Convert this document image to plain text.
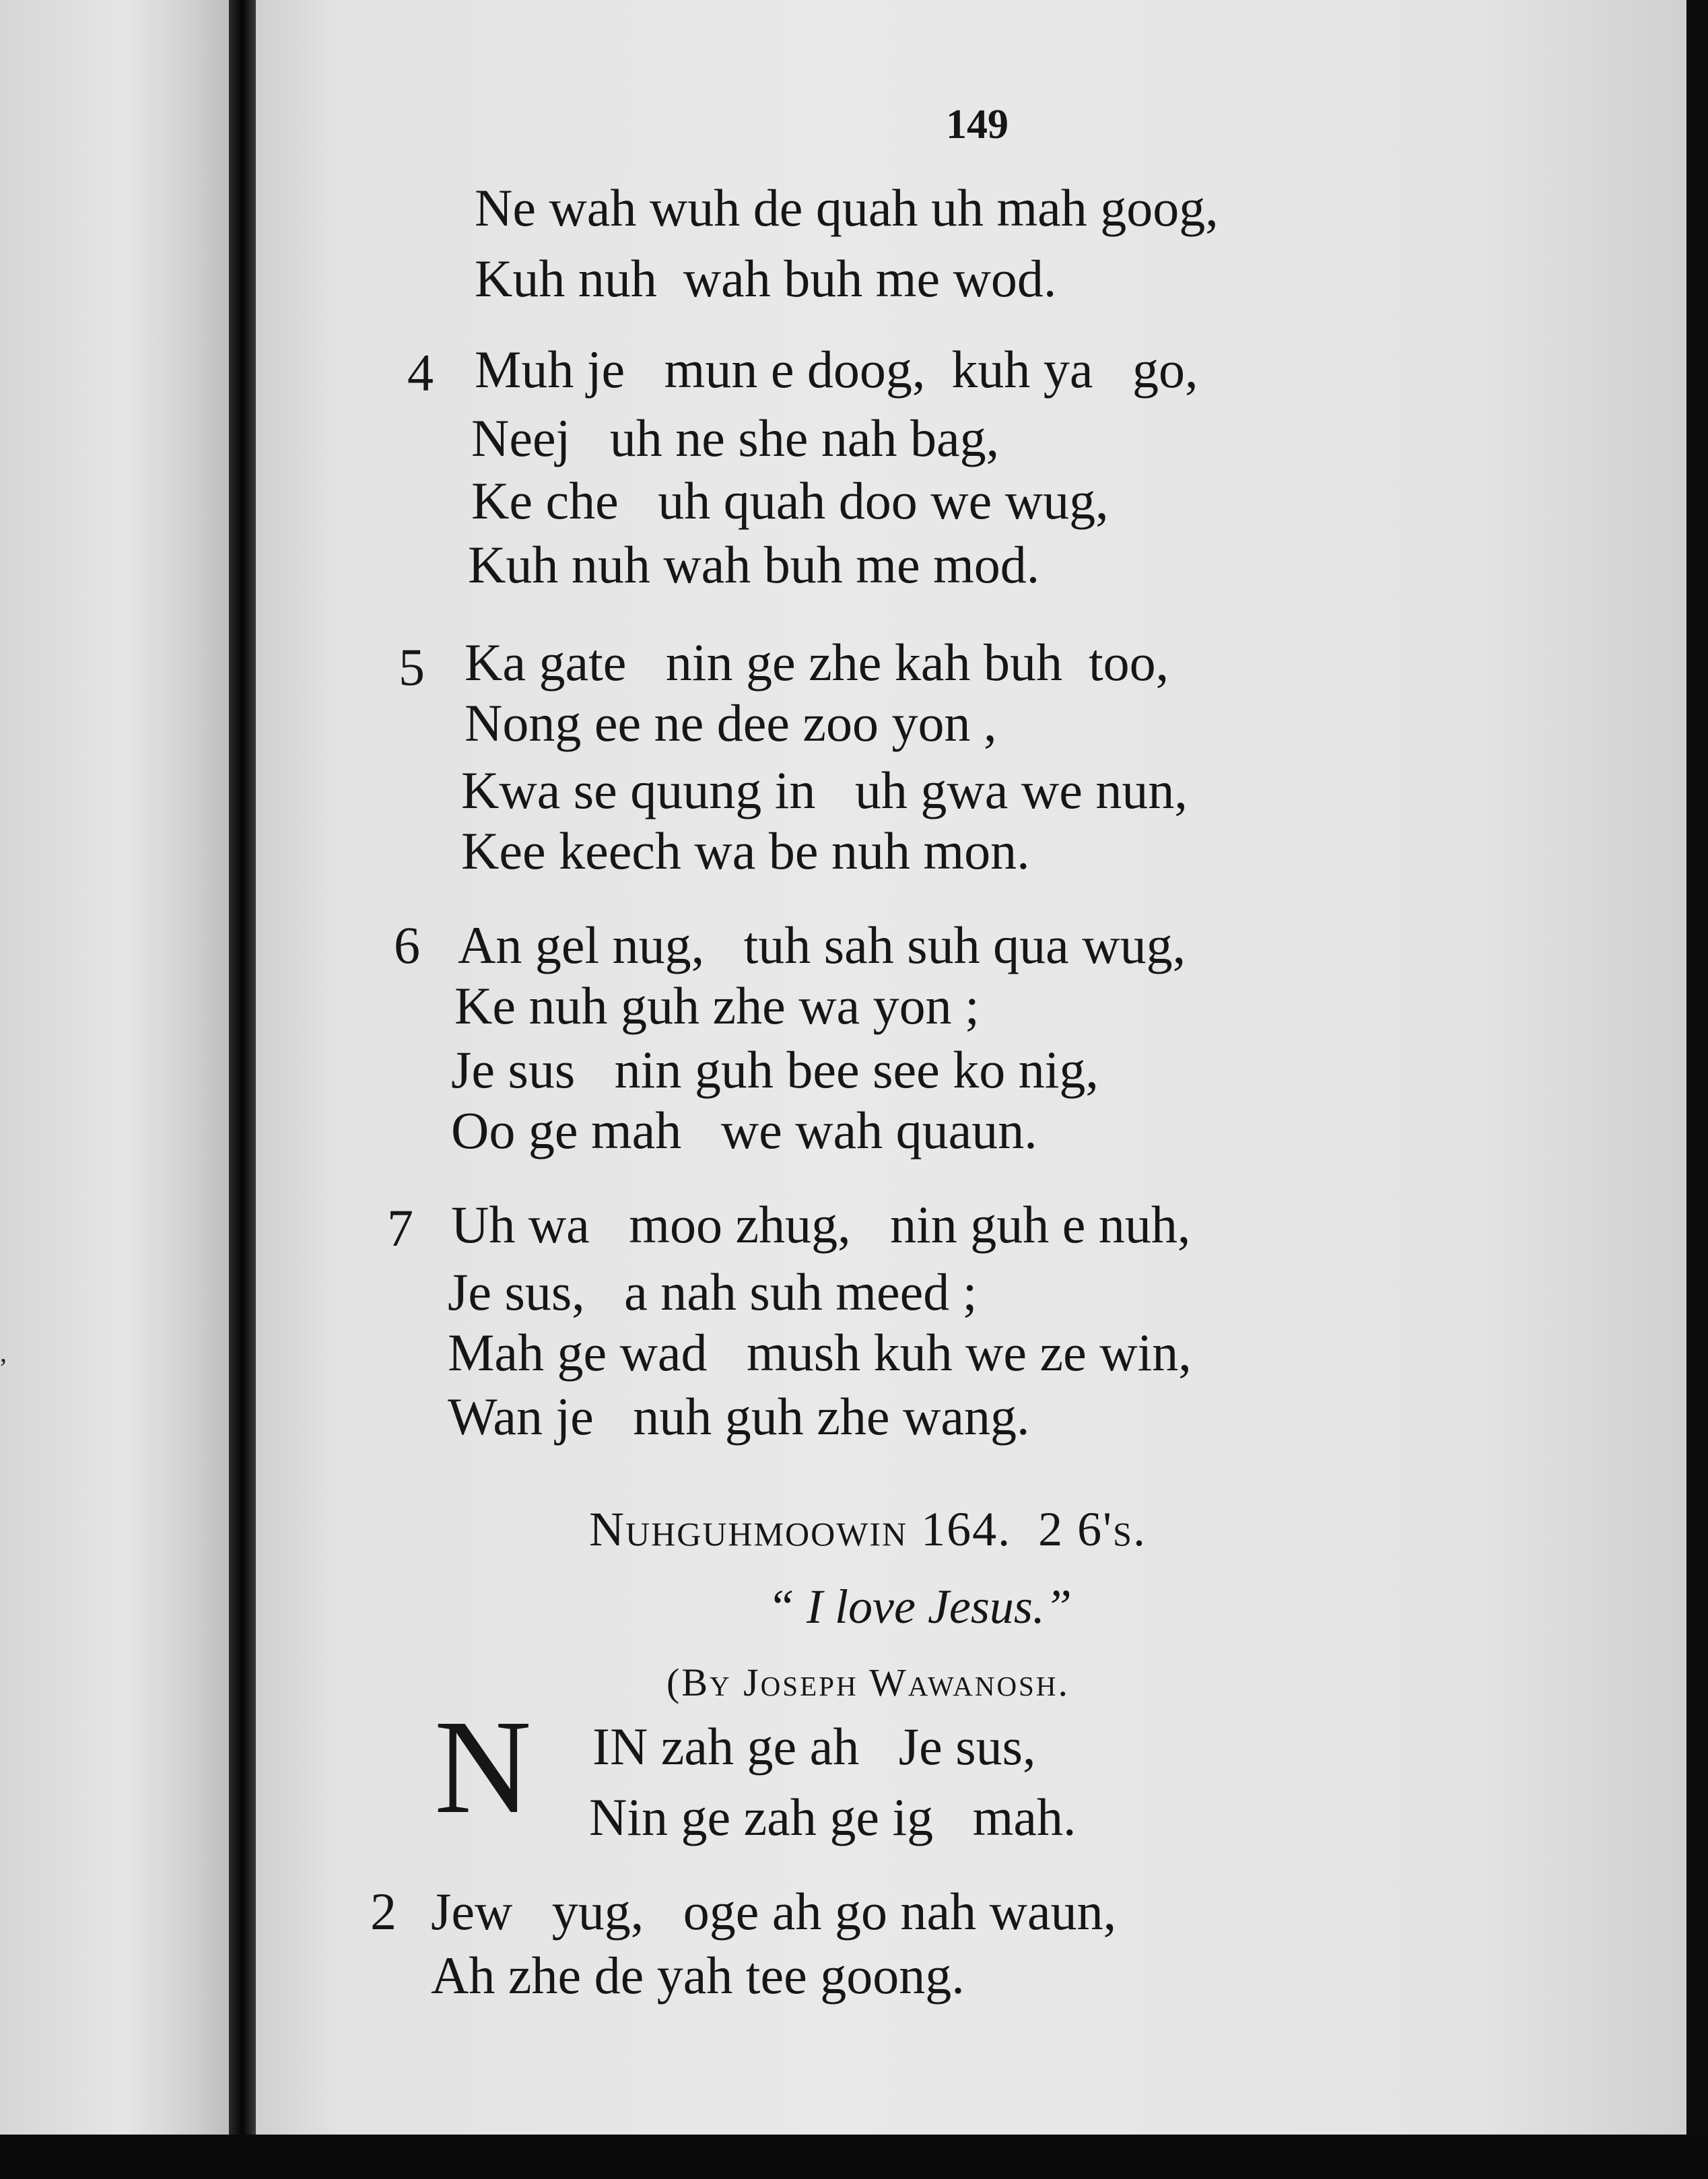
,
149
Ne wah wuh de quah uh mah goog,
Kuh nuh  wah buh me wod.
4 Muh je   mun e doog,  kuh ya   go,
Neej   uh ne she nah bag,
Ke che   uh quah doo we wug,
Kuh nuh wah buh me mod.
5 Ka gate   nin ge zhe kah buh  too,
Nong ee ne dee zoo yon ,
Kwa se quung in   uh gwa we nun,
Kee keech wa be nuh mon.
6 An gel nug,   tuh sah suh qua wug,
Ke nuh guh zhe wa yon ;
Je sus   nin guh bee see ko nig,
Oo ge mah   we wah quaun.
7 Uh wa   moo zhug,   nin guh e nuh,
Je sus,   a nah suh meed ;
Mah ge wad   mush kuh we ze win,
Wan je   nuh guh zhe wang.
Nuhguhmoowin 164.  2 6's.
“ I love Jesus.”
(By Joseph Wawanosh.
N IN zah ge ah   Je sus,
Nin ge zah ge ig   mah.
2 Jew   yug,   oge ah go nah waun,
Ah zhe de yah tee goong.
